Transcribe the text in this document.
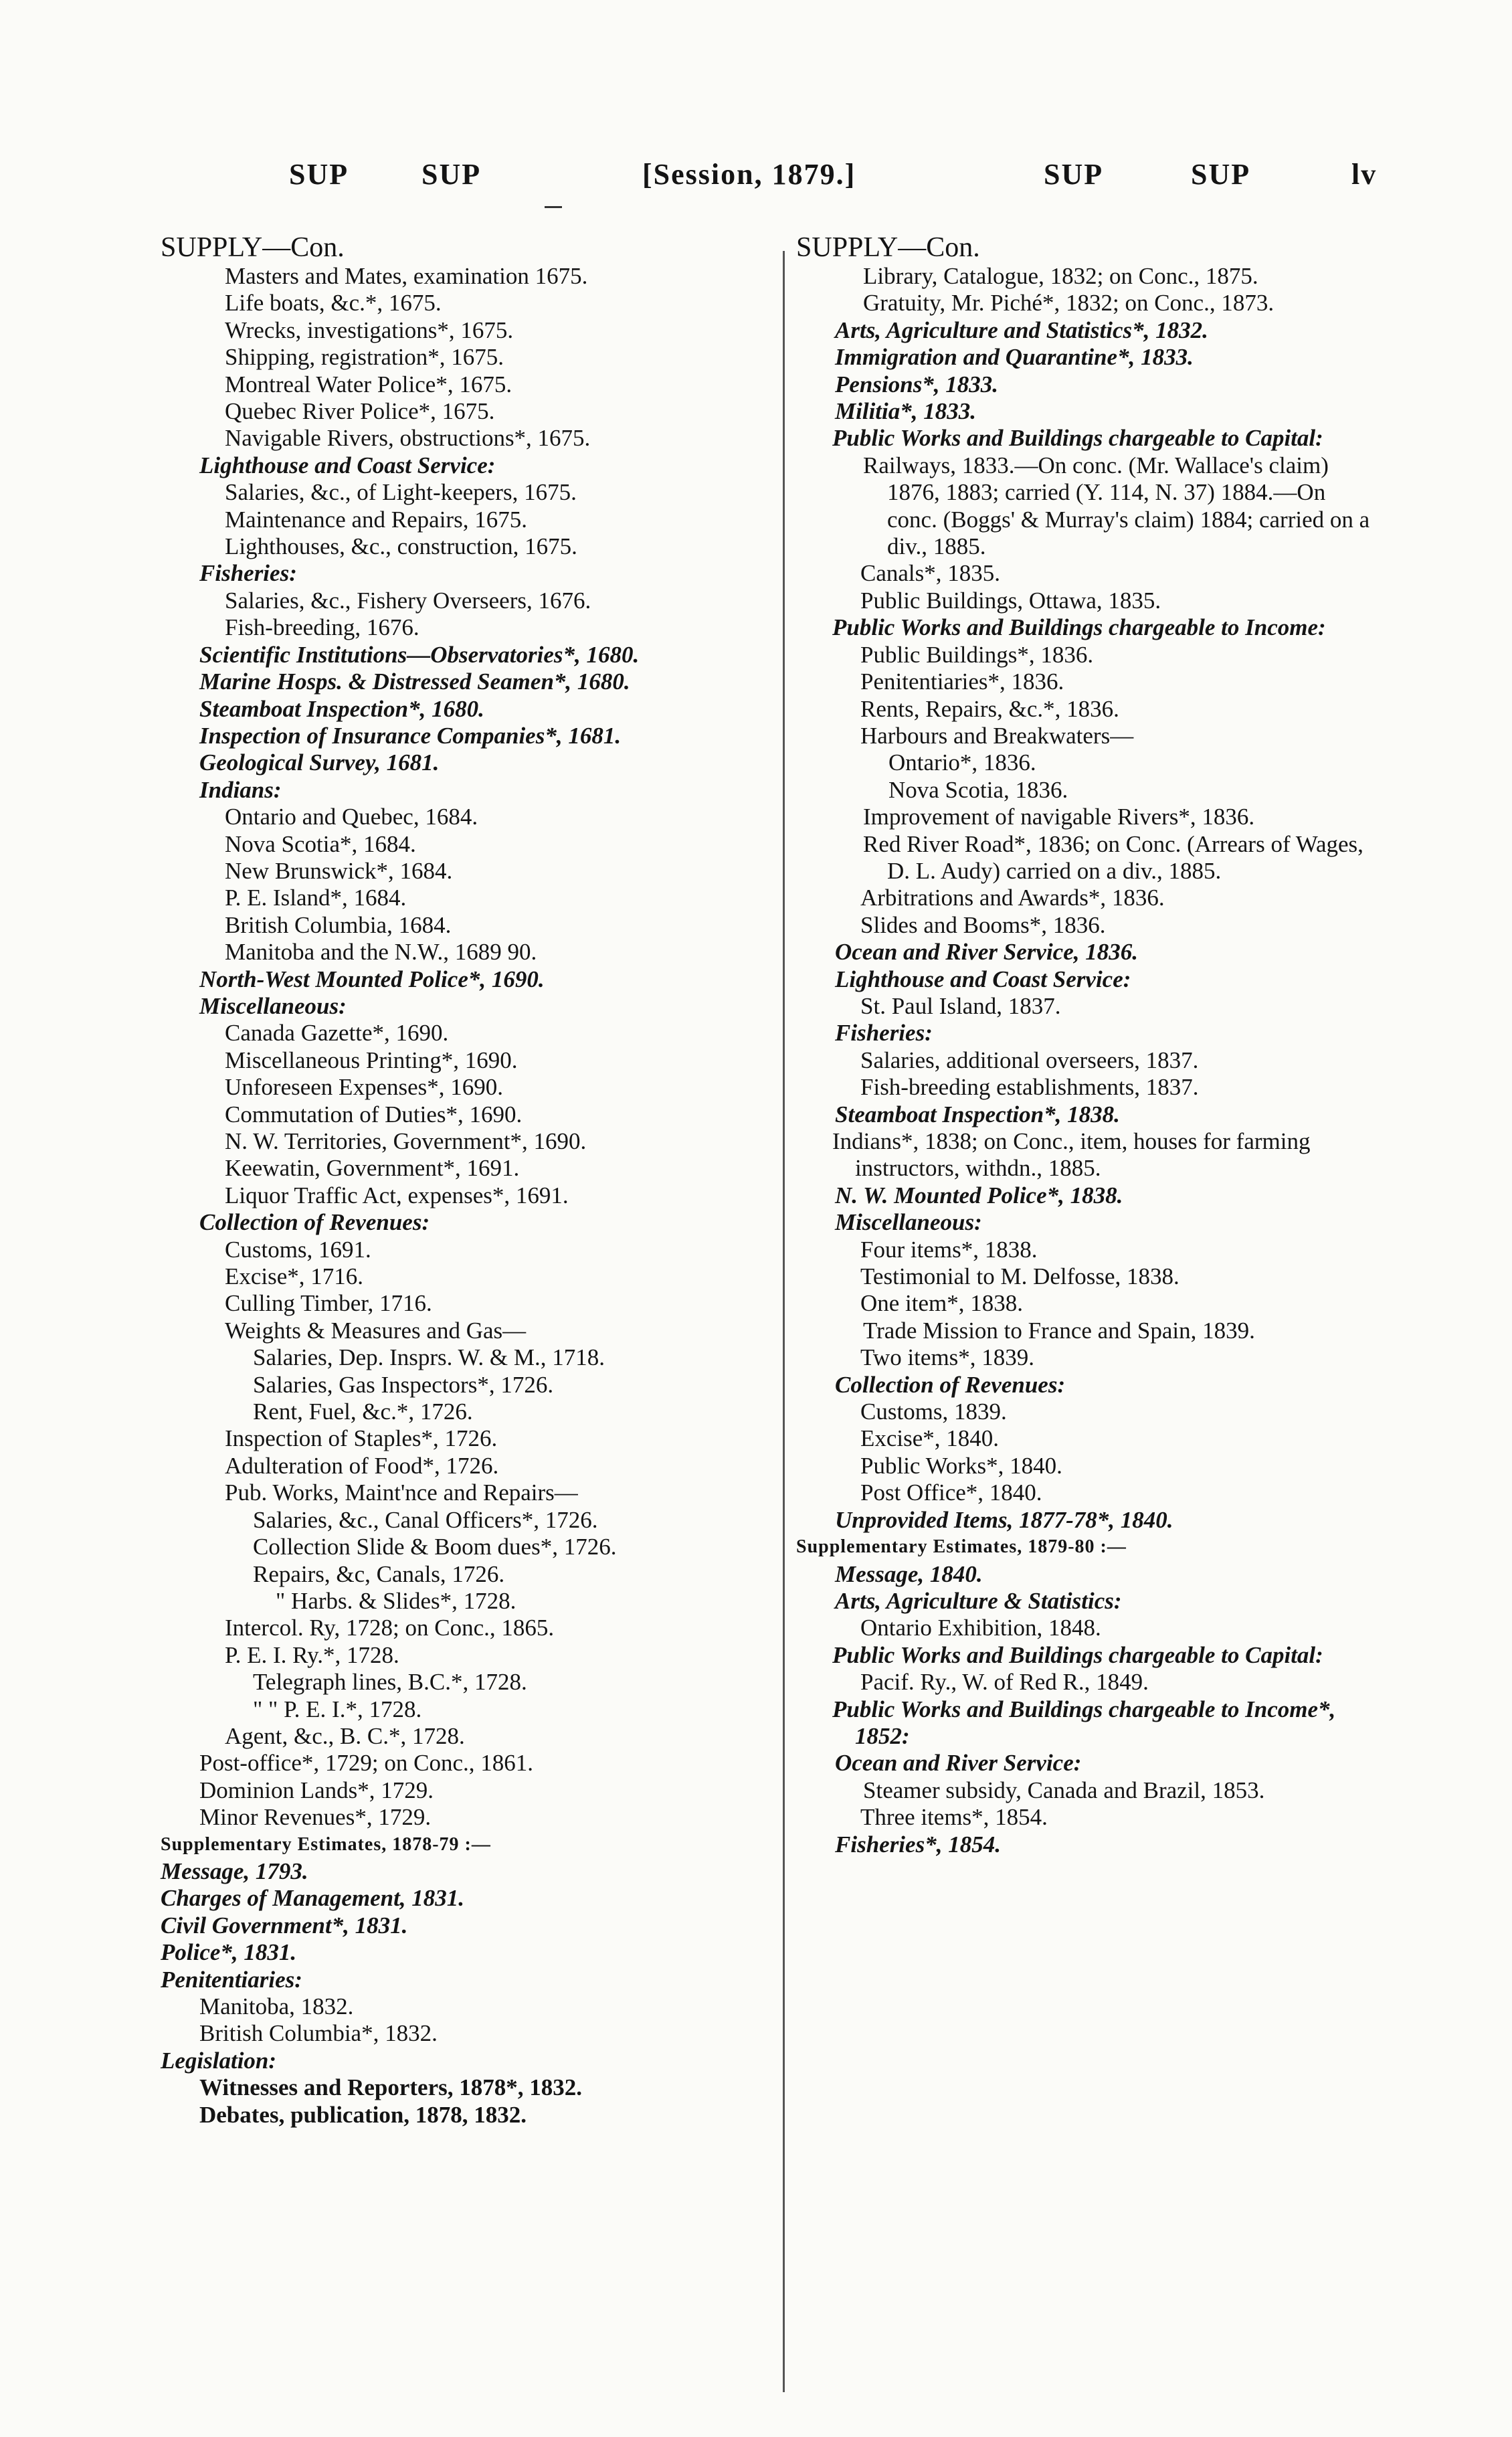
SUP SUP	[Session, 1879.]	SUP	SUP	lv
SUPPLY—Con.
Masters and Mates, examination 1675.
Life boats, &c.*, 1675.
Wrecks, investigations*, 1675.
Shipping, registration*, 1675.
Montreal Water Police*, 1675.
Quebec River Police*, 1675.
Navigable Rivers, obstructions*, 1675.
Lighthouse and Coast Service:
Salaries, &c., of Light-keepers, 1675.
Maintenance and Repairs, 1675.
Lighthouses, &c., construction, 1675.
Fisheries:
Salaries, &c., Fishery Overseers, 1676.
Fish-breeding, 1676.
Scientific Institutions—Observatories*, 1680.
Marine Hosps. & Distressed Seamen*, 1680.
Steamboat Inspection*, 1680.
Inspection of Insurance Companies*, 1681.
Geological Survey, 1681.
Indians:
Ontario and Quebec, 1684.
Nova Scotia*, 1684.
New Brunswick*, 1684.
P. E. Island*, 1684.
British Columbia, 1684.
Manitoba and the N.W., 1689 90.
North-West Mounted Police*, 1690.
Miscellaneous:
Canada Gazette*, 1690.
Miscellaneous Printing*, 1690.
Unforeseen Expenses*, 1690.
Commutation of Duties*, 1690.
N. W. Territories, Government*, 1690.
Keewatin, Government*, 1691.
Liquor Traffic Act, expenses*, 1691.
Collection of Revenues:
Customs, 1691.
Excise*, 1716.
Culling Timber, 1716.
Weights & Measures and Gas—
Salaries, Dep. Insprs. W. & M., 1718.
Salaries, Gas Inspectors*, 1726.
Rent, Fuel, &c.*, 1726.
Inspection of Staples*, 1726.
Adulteration of Food*, 1726.
Pub. Works, Maint'nce and Repairs—
Salaries, &c., Canal Officers*, 1726.
Collection Slide & Boom dues*, 1726.
Repairs, &c, Canals, 1726.
" Harbs. & Slides*, 1728.
Intercol. Ry, 1728; on Conc., 1865.
P. E. I. Ry.*, 1728.
Telegraph lines, B.C.*, 1728.
" " P. E. I.*, 1728.
Agent, &c., B. C.*, 1728.
Post-office*, 1729; on Conc., 1861.
Dominion Lands*, 1729.
Minor Revenues*, 1729.
Supplementary Estimates, 1878-79 :—
Message, 1793.
Charges of Management, 1831.
Civil Government*, 1831.
Police*, 1831.
Penitentiaries:
Manitoba, 1832.
British Columbia*, 1832.
Legislation:
Witnesses and Reporters, 1878*, 1832.
Debates, publication, 1878, 1832.
SUPPLY—Con.
Library, Catalogue, 1832; on Conc., 1875.
Gratuity, Mr. Piché*, 1832; on Conc., 1873.
Arts, Agriculture and Statistics*, 1832.
Immigration and Quarantine*, 1833.
Pensions*, 1833.
Militia*, 1833.
Public Works and Buildings chargeable to Capital:
Railways, 1833.—On conc. (Mr. Wallace's claim) 1876, 1883; carried (Y. 114, N. 37) 1884.—On conc. (Boggs' & Murray's claim) 1884; carried on a div., 1885.
Canals*, 1835.
Public Buildings, Ottawa, 1835.
Public Works and Buildings chargeable to Income:
Public Buildings*, 1836.
Penitentiaries*, 1836.
Rents, Repairs, &c.*, 1836.
Harbours and Breakwaters—
Ontario*, 1836.
Nova Scotia, 1836.
Improvement of navigable Rivers*, 1836.
Red River Road*, 1836; on Conc. (Arrears of Wages, D. L. Audy) carried on a div., 1885.
Arbitrations and Awards*, 1836.
Slides and Booms*, 1836.
Ocean and River Service, 1836.
Lighthouse and Coast Service:
St. Paul Island, 1837.
Fisheries:
Salaries, additional overseers, 1837.
Fish-breeding establishments, 1837.
Steamboat Inspection*, 1838.
Indians*, 1838; on Conc., item, houses for farming instructors, withdn., 1885.
N. W. Mounted Police*, 1838.
Miscellaneous:
Four items*, 1838.
Testimonial to M. Delfosse, 1838.
One item*, 1838.
Trade Mission to France and Spain, 1839.
Two items*, 1839.
Collection of Revenues:
Customs, 1839.
Excise*, 1840.
Public Works*, 1840.
Post Office*, 1840.
Unprovided Items, 1877-78*, 1840.
Supplementary Estimates, 1879-80 :—
Message, 1840.
Arts, Agriculture & Statistics:
Ontario Exhibition, 1848.
Public Works and Buildings chargeable to Capital:
Pacif. Ry., W. of Red R., 1849.
Public Works and Buildings chargeable to Income*, 1852:
Ocean and River Service:
Steamer subsidy, Canada and Brazil, 1853.
Three items*, 1854.
Fisheries*, 1854.
